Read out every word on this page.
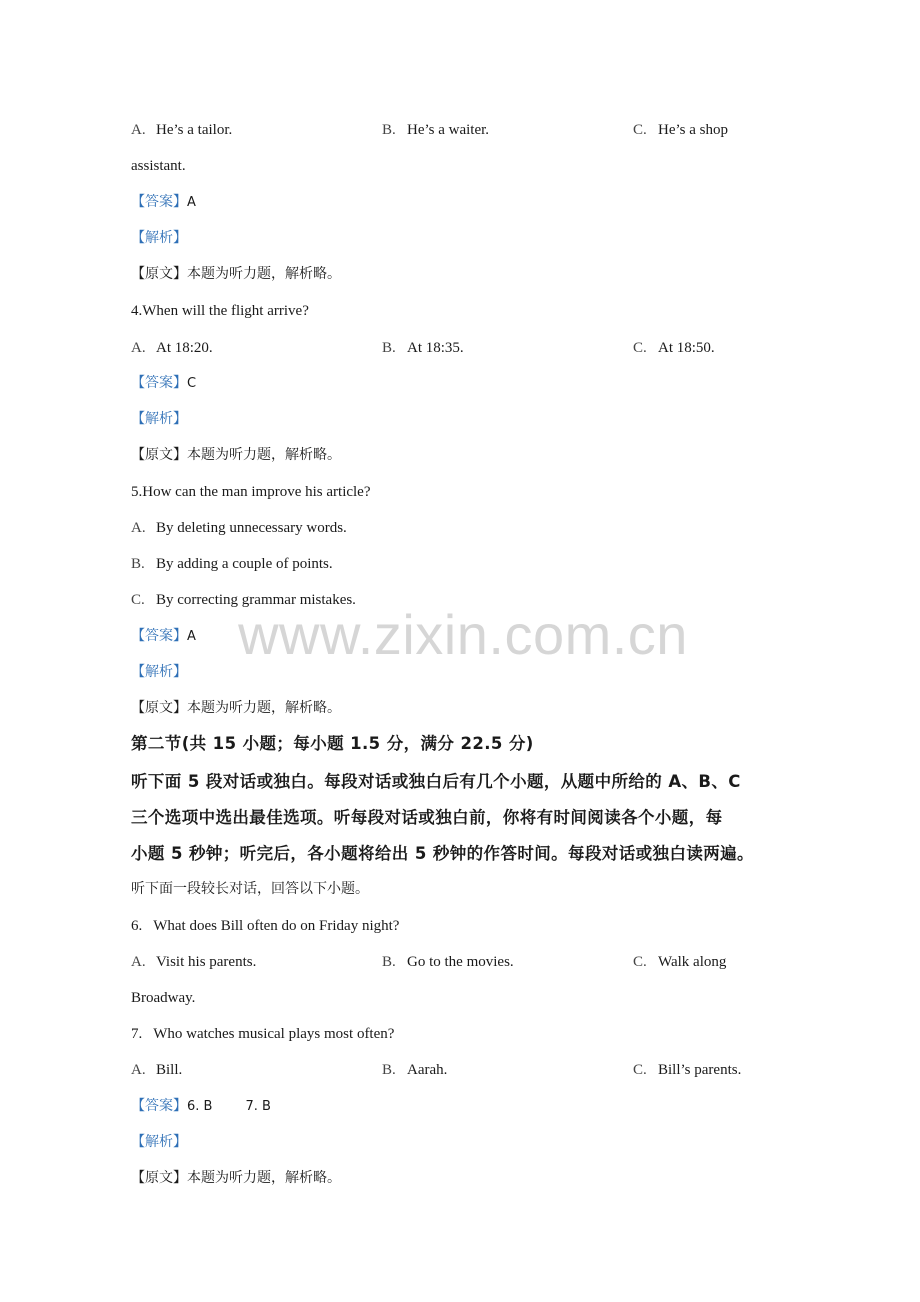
A. He’s a tailor.	B. He’s a waiter.	C. He’s a shop
assistant.
【答案】A
【解析】
【原文】本题为听力题，解析略。
4.When will the flight arrive?
A. At 18:20.	B. At 18:35.	C. At 18:50.
【答案】C
【解析】
【原文】本题为听力题，解析略。
5.How can the man improve his article?
A. By deleting unnecessary words.
B. By adding a couple of points.
C. By correcting grammar mistakes.
【答案】A
【解析】
【原文】本题为听力题，解析略。
www.zixin.com.cn
第二节(共 15 小题；每小题 1.5 分，满分 22.5 分)
听下面 5 段对话或独白。每段对话或独白后有几个小题，从题中所给的 A、B、C
三个选项中选出最佳选项。听每段对话或独白前，你将有时间阅读各个小题，每
小题 5 秒钟；听完后，各小题将给出 5 秒钟的作答时间。每段对话或独白读两遍。
听下面一段较长对话，回答以下小题。
6.   What does Bill often do on Friday night?
A. Visit his parents.	B. Go to the movies.	C. Walk along
Broadway.
7.   Who watches musical plays most often?
A. Bill.	B. Aarah.	C. Bill’s parents.
【答案】6. B        7. B
【解析】
【原文】本题为听力题，解析略。
